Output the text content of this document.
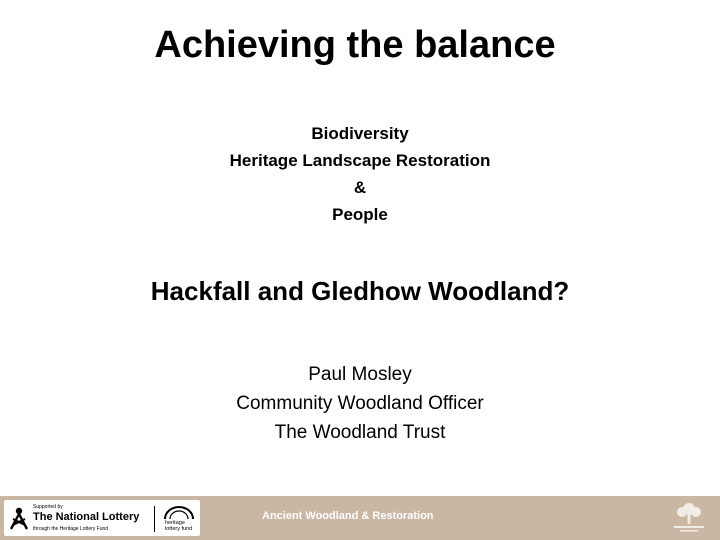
Achieving the balance
Biodiversity
Heritage Landscape Restoration
&
People
Hackfall and Gledhow Woodland?
Paul Mosley
Community Woodland Officer
The Woodland Trust
Supported by
The National Lottery
through the Heritage Lottery Fund
heritage
lottery fund
Ancient Woodland & Restoration
